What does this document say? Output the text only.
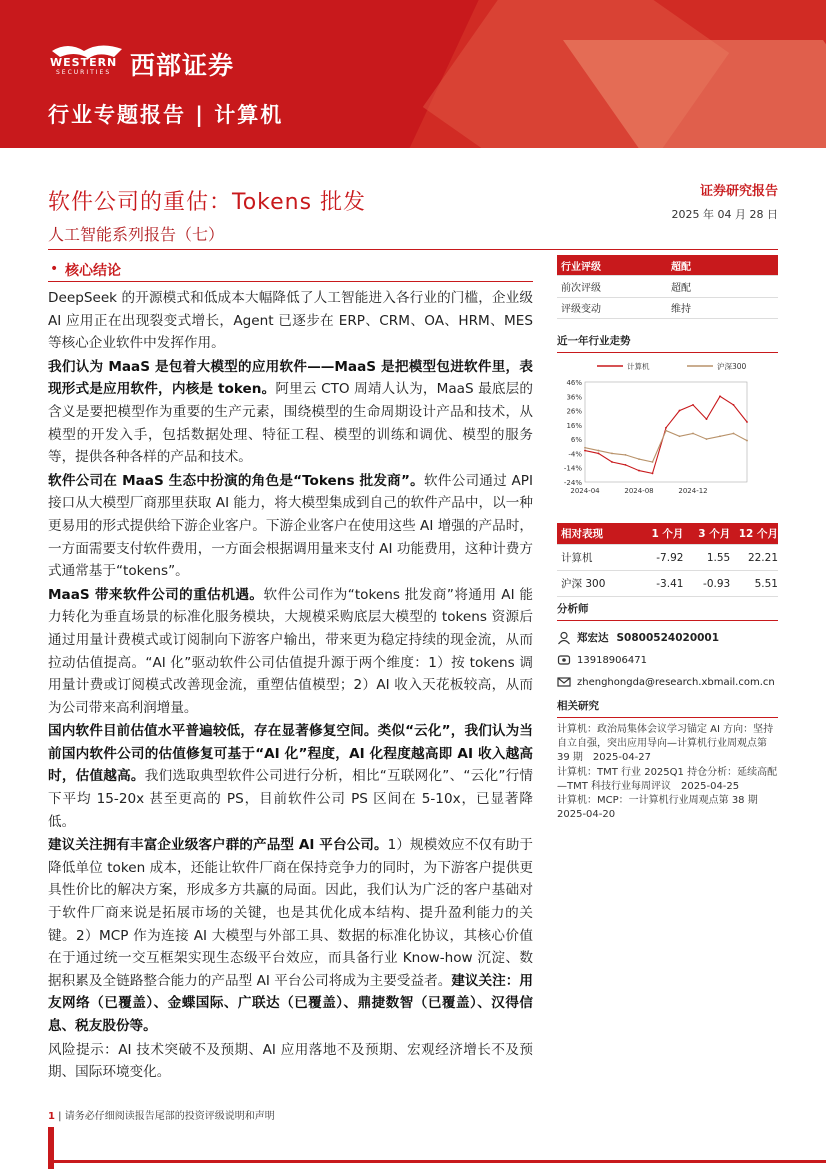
WESTERN
SECURITIES 西部证券
行业专题报告 | 计算机
软件公司的重估：Tokens 批发
人工智能系列报告（七）
证券研究报告
2025 年 04 月 28 日
• 核心结论

DeepSeek 的开源模式和低成本大幅降低了人工智能进入各行业的门槛，企业级 AI 应用正在出现裂变式增长，Agent 已逐步在 ERP、CRM、OA、HRM、MES 等核心企业软件中发挥作用。

我们认为 MaaS 是包着大模型的应用软件——MaaS 是把模型包进软件里，表现形式是应用软件，内核是 token。阿里云 CTO 周靖人认为，MaaS 最底层的含义是要把模型作为重要的生产元素，围绕模型的生命周期设计产品和技术，从模型的开发入手，包括数据处理、特征工程、模型的训练和调优、模型的服务等，提供各种各样的产品和技术。

软件公司在 MaaS 生态中扮演的角色是“Tokens 批发商”。软件公司通过 API 接口从大模型厂商那里获取 AI 能力，将大模型集成到自己的软件产品中，以一种更易用的形式提供给下游企业客户。下游企业客户在使用这些 AI 增强的产品时，一方面需要支付软件费用，一方面会根据调用量来支付 AI 功能费用，这种计费方式通常基于“tokens”。

MaaS 带来软件公司的重估机遇。软件公司作为“tokens 批发商”将通用 AI 能力转化为垂直场景的标准化服务模块，大规模采购底层大模型的 tokens 资源后通过用量计费模式或订阅制向下游客户输出，带来更为稳定持续的现金流，从而拉动估值提高。“AI 化”驱动软件公司估值提升源于两个维度：1）按 tokens 调用量计费或订阅模式改善现金流，重塑估值模型；2）AI 收入天花板较高，从而为公司带来高利润增量。

国内软件目前估值水平普遍较低，存在显著修复空间。类似“云化”，我们认为当前国内软件公司的估值修复可基于“AI 化”程度，AI 化程度越高即 AI 收入越高时，估值越高。我们选取典型软件公司进行分析，相比“互联网化”、“云化”行情下平均 15-20x 甚至更高的 PS，目前软件公司 PS 区间在 5-10x，已显著降低。

建议关注拥有丰富企业级客户群的产品型 AI 平台公司。1）规模效应不仅有助于降低单位 token 成本，还能让软件厂商在保持竞争力的同时，为下游客户提供更具性价比的解决方案，形成多方共赢的局面。因此，我们认为广泛的客户基础对于软件厂商来说是拓展市场的关键，也是其优化成本结构、提升盈利能力的关键。2）MCP 作为连接 AI 大模型与外部工具、数据的标准化协议，其核心价值在于通过统一交互框架实现生态级平台效应，而具备行业 Know-how 沉淀、数据积累及全链路整合能力的产品型 AI 平台公司将成为主要受益者。建议关注：用友网络（已覆盖）、金蝶国际、广联达（已覆盖）、鼎捷数智（已覆盖）、汉得信息、税友股份等。

风险提示：AI 技术突破不及预期、AI 应用落地不及预期、宏观经济增长不及预期、国际环境变化。

行业评级	超配
前次评级	超配
评级变动	维持
近一年行业走势
计算机	沪深300
46%
36%
26%
16%
6%
-4%
-14%
-24%
2024-04	2024-08	2024-12
相对表现	1 个月	3 个月 12 个月
计算机	-7.92	1.55	22.21
沪深 300	-3.41	-0.93	5.51
分析师
郑宏达 S0800524020001
13918906471
zhenghongda@research.xbmail.com.cn
相关研究
计算机：政治局集体会议学习锚定 AI 方向：坚持自立自强，突出应用导向—计算机行业周观点第 39 期　2025-04-27
计算机：TMT 行业 2025Q1 持仓分析：延续高配—TMT 科技行业每周评议　2025-04-25
计算机：MCP：一计算机行业周观点第 38 期　2025-04-20
1 | 请务必仔细阅读报告尾部的投资评级说明和声明
